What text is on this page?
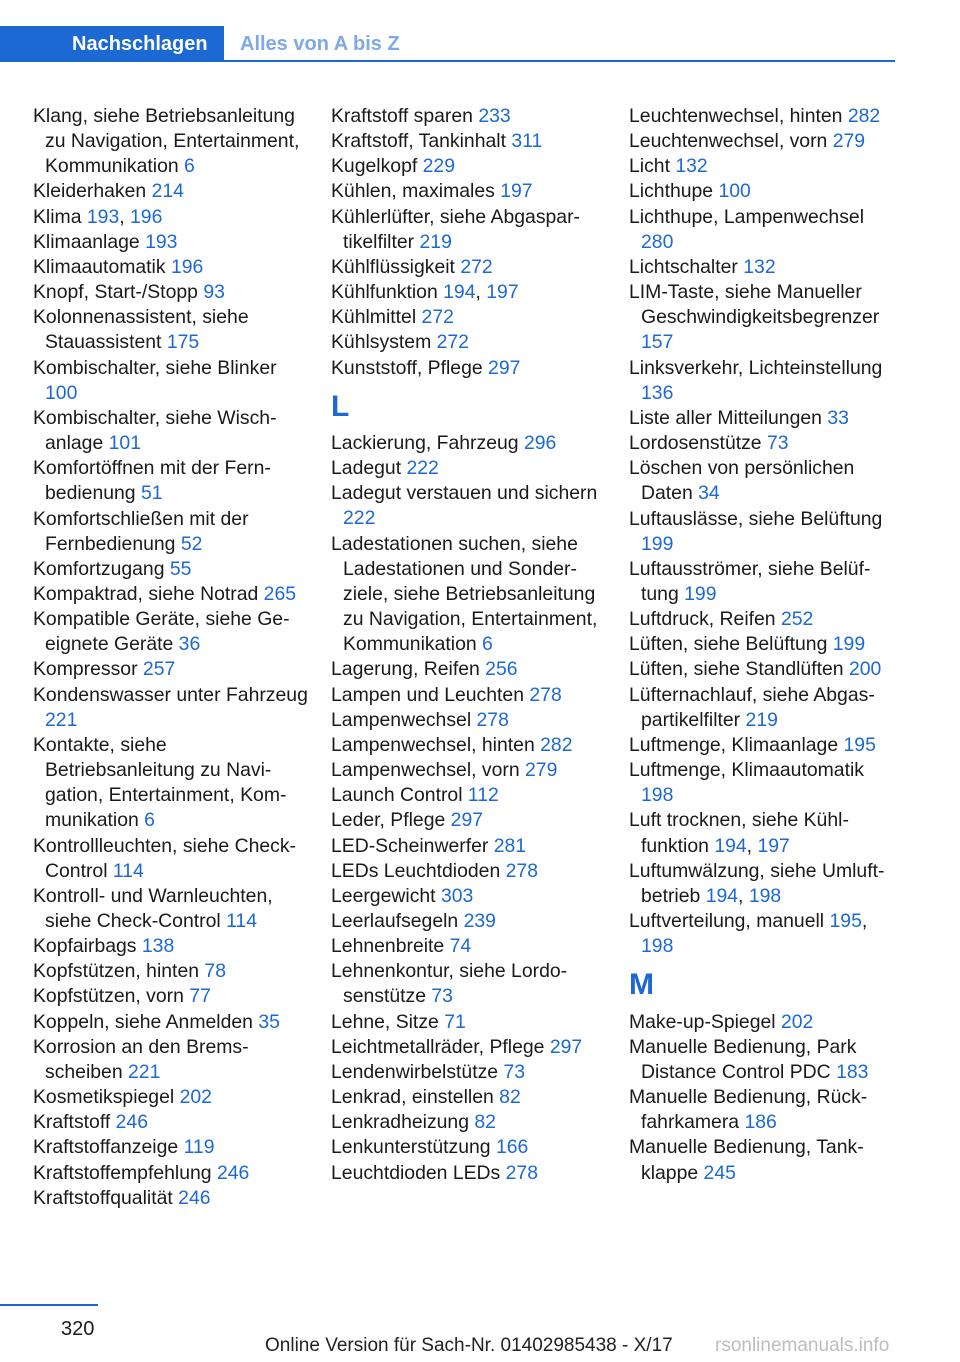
Nachschlagen	Alles von A bis Z
Klang, siehe Betriebsanleitung zu Navigation, Entertainment, Kommunikation 6
Kleiderhaken 214
Klima 193, 196
Klimaanlage 193
Klimaautomatik 196
Knopf, Start-/Stopp 93
Kolonnenassistent, siehe Stauassistent 175
Kombischalter, siehe Blinker 100
Kombischalter, siehe Wischanlage 101
Komfortöffnen mit der Fernbedienung 51
Komfortschließen mit der Fernbedienung 52
Komfortzugang 55
Kompaktrad, siehe Notrad 265
Kompatible Geräte, siehe Geeignete Geräte 36
Kompressor 257
Kondenswasser unter Fahrzeug 221
Kontakte, siehe Betriebsanleitung zu Navigation, Entertainment, Kommunikation 6
Kontrollleuchten, siehe Check-Control 114
Kontroll- und Warnleuchten, siehe Check-Control 114
Kopfairbags 138
Kopfstützen, hinten 78
Kopfstützen, vorn 77
Koppeln, siehe Anmelden 35
Korrosion an den Bremsscheiben 221
Kosmetikspiegel 202
Kraftstoff 246
Kraftstoffanzeige 119
Kraftstoffempfehlung 246
Kraftstoffqualität 246
Kraftstoff sparen 233
Kraftstoff, Tankinhalt 311
Kugelkopf 229
Kühlen, maximales 197
Kühlerlüfter, siehe Abgaspartikelfilter 219
Kühlflüssigkeit 272
Kühlfunktion 194, 197
Kühlmittel 272
Kühlsystem 272
Kunststoff, Pflege 297
L
Lackierung, Fahrzeug 296
Ladegut 222
Ladegut verstauen und sichern 222
Ladestationen suchen, siehe Ladestationen und Sonderziele, siehe Betriebsanleitung zu Navigation, Entertainment, Kommunikation 6
Lagerung, Reifen 256
Lampen und Leuchten 278
Lampenwechsel 278
Lampenwechsel, hinten 282
Lampenwechsel, vorn 279
Launch Control 112
Leder, Pflege 297
LED-Scheinwerfer 281
LEDs Leuchtdioden 278
Leergewicht 303
Leerlaufsegeln 239
Lehnenbreite 74
Lehnenkontur, siehe Lordosenstütze 73
Lehne, Sitze 71
Leichtmetallräder, Pflege 297
Lendenwirbelstütze 73
Lenkrad, einstellen 82
Lenkradheizung 82
Lenkunterstützung 166
Leuchtdioden LEDs 278
Leuchtenwechsel, hinten 282
Leuchtenwechsel, vorn 279
Licht 132
Lichthupe 100
Lichthupe, Lampenwechsel 280
Lichtschalter 132
LIM-Taste, siehe Manueller Geschwindigkeitsbegrenzer 157
Linksverkehr, Lichteinstellung 136
Liste aller Mitteilungen 33
Lordosenstütze 73
Löschen von persönlichen Daten 34
Luftauslässe, siehe Belüftung 199
Luftausströmer, siehe Belüftung 199
Luftdruck, Reifen 252
Lüften, siehe Belüftung 199
Lüften, siehe Standlüften 200
Lüfternachlauf, siehe Abgaspartikelfilter 219
Luftmenge, Klimaanlage 195
Luftmenge, Klimaautomatik 198
Luft trocknen, siehe Kühlfunktion 194, 197
Luftumwälzung, siehe Umluftbetrieb 194, 198
Luftverteilung, manuell 195, 198
M
Make-up-Spiegel 202
Manuelle Bedienung, Park Distance Control PDC 183
Manuelle Bedienung, Rückfahrkamera 186
Manuelle Bedienung, Tankklappe 245
320
Online Version für Sach-Nr. 01402985438 - X/17 rsonlinemanuals.info
